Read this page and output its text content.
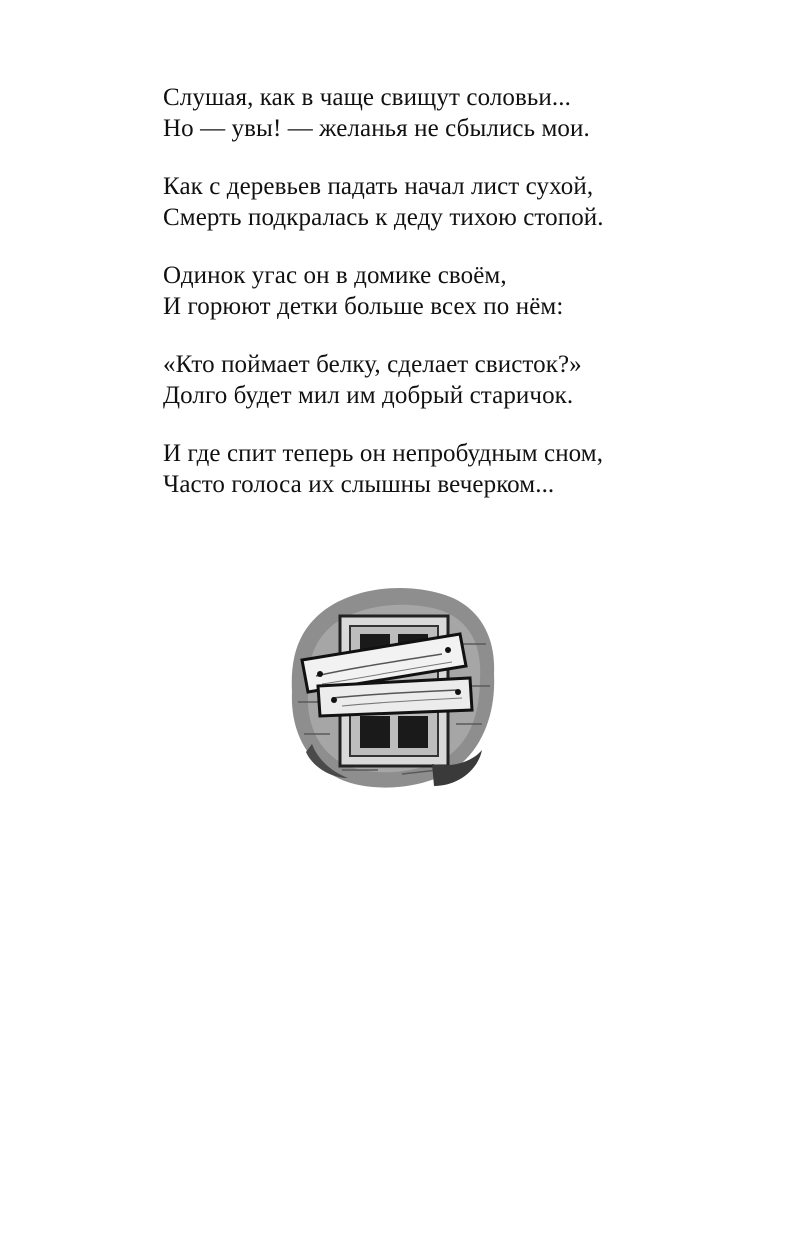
Слушая, как в чаще свищут соловьи...
Но — увы! — желанья не сбылись мои.
Как с деревьев падать начал лист сухой,
Смерть подкралась к деду тихою стопой.
Одинок угас он в домике своём,
И горюют детки больше всех по нём:
«Кто поймает белку, сделает свисток?»
Долго будет мил им добрый старичок.
И где спит теперь он непробудным сном,
Часто голоса их слышны вечерком...
